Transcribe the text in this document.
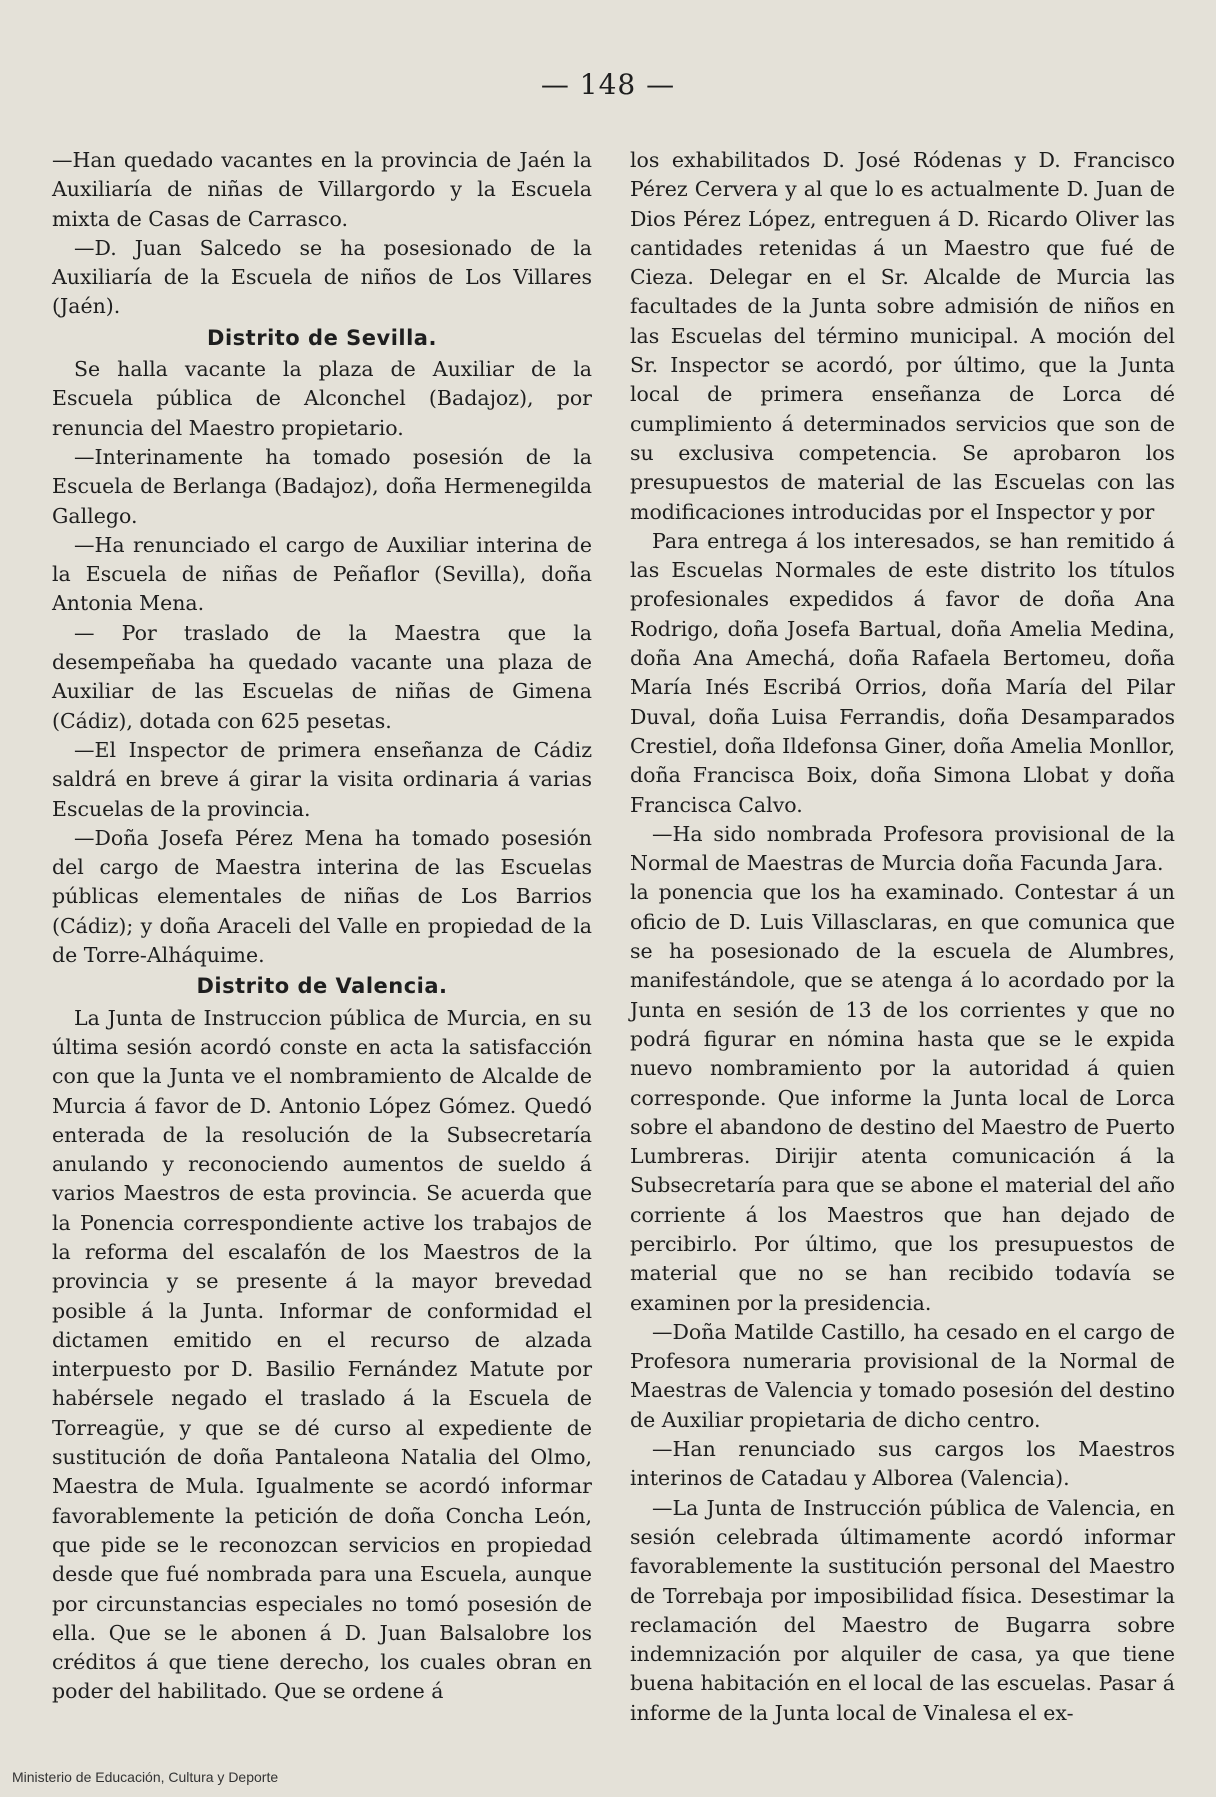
— 148 —

—Han quedado vacantes en la provincia de Jaén la Auxiliaría de niñas de Villargordo y la Escuela mixta de Casas de Carrasco.

—D. Juan Salcedo se ha posesionado de la Auxiliaría de la Escuela de niños de Los Villares (Jaén).

Distrito de Sevilla.

Se halla vacante la plaza de Auxiliar de la Escuela pública de Alconchel (Badajoz), por renuncia del Maestro propietario.

—Interinamente ha tomado posesión de la Escuela de Berlanga (Badajoz), doña Hermenegilda Gallego.

—Ha renunciado el cargo de Auxiliar interina de la Escuela de niñas de Peñaflor (Sevilla), doña Antonia Mena.

— Por traslado de la Maestra que la desempeñaba ha quedado vacante una plaza de Auxiliar de las Escuelas de niñas de Gimena (Cádiz), dotada con 625 pesetas.

—El Inspector de primera enseñanza de Cádiz saldrá en breve á girar la visita ordinaria á varias Escuelas de la provincia.

—Doña Josefa Pérez Mena ha tomado posesión del cargo de Maestra interina de las Escuelas públicas elementales de niñas de Los Barrios (Cádiz); y doña Araceli del Valle en propiedad de la de Torre-Alháquime.

Distrito de Valencia.

La Junta de Instruccion pública de Murcia, en su última sesión acordó conste en acta la satisfacción con que la Junta ve el nombramiento de Alcalde de Murcia á favor de D. Antonio López Gómez. Quedó enterada de la resolución de la Subsecretaría anulando y reconociendo aumentos de sueldo á varios Maestros de esta provincia. Se acuerda que la Ponencia correspondiente active los trabajos de la reforma del escalafón de los Maestros de la provincia y se presente á la mayor brevedad posible á la Junta. Informar de conformidad el dictamen emitido en el recurso de alzada interpuesto por D. Basilio Fernández Matute por habérsele negado el traslado á la Escuela de Torreagüe, y que se dé curso al expediente de sustitución de doña Pantaleona Natalia del Olmo, Maestra de Mula. Igualmente se acordó informar favorablemente la petición de doña Concha León, que pide se le reconozcan servicios en propiedad desde que fué nombrada para una Escuela, aunque por circunstancias especiales no tomó posesión de ella. Que se le abonen á D. Juan Balsalobre los créditos á que tiene derecho, los cuales obran en poder del habilitado. Que se ordene á

los exhabilitados D. José Ródenas y D. Francisco Pérez Cervera y al que lo es actualmente D. Juan de Dios Pérez López, entreguen á D. Ricardo Oliver las cantidades retenidas á un Maestro que fué de Cieza. Delegar en el Sr. Alcalde de Murcia las facultades de la Junta sobre admisión de niños en las Escuelas del término municipal. A moción del Sr. Inspector se acordó, por último, que la Junta local de primera enseñanza de Lorca dé cumplimiento á determinados servicios que son de su exclusiva competencia. Se aprobaron los presupuestos de material de las Escuelas con las modificaciones introducidas por el Inspector y por

Para entrega á los interesados, se han remitido á las Escuelas Normales de este distrito los títulos profesionales expedidos á favor de doña Ana Rodrigo, doña Josefa Bartual, doña Amelia Medina, doña Ana Amechá, doña Rafaela Bertomeu, doña María Inés Escribá Orrios, doña María del Pilar Duval, doña Luisa Ferrandis, doña Desamparados Crestiel, doña Ildefonsa Giner, doña Amelia Monllor, doña Francisca Boix, doña Simona Llobat y doña Francisca Calvo.

—Ha sido nombrada Profesora provisional de la Normal de Maestras de Murcia doña Facunda Jara.

la ponencia que los ha examinado. Contestar á un oficio de D. Luis Villasclaras, en que comunica que se ha posesionado de la escuela de Alumbres, manifestándole, que se atenga á lo acordado por la Junta en sesión de 13 de los corrientes y que no podrá figurar en nómina hasta que se le expida nuevo nombramiento por la autoridad á quien corresponde. Que informe la Junta local de Lorca sobre el abandono de destino del Maestro de Puerto Lumbreras. Dirijir atenta comunicación á la Subsecretaría para que se abone el material del año corriente á los Maestros que han dejado de percibirlo. Por último, que los presupuestos de material que no se han recibido todavía se examinen por la presidencia.

—Doña Matilde Castillo, ha cesado en el cargo de Profesora numeraria provisional de la Normal de Maestras de Valencia y tomado posesión del destino de Auxiliar propietaria de dicho centro.

—Han renunciado sus cargos los Maestros interinos de Catadau y Alborea (Valencia).

—La Junta de Instrucción pública de Valencia, en sesión celebrada últimamente acordó informar favorablemente la sustitución personal del Maestro de Torrebaja por imposibilidad física. Desestimar la reclamación del Maestro de Bugarra sobre indemnización por alquiler de casa, ya que tiene buena habitación en el local de las escuelas. Pasar á informe de la Junta local de Vinalesa el ex-

Ministerio de Educación, Cultura y Deporte
